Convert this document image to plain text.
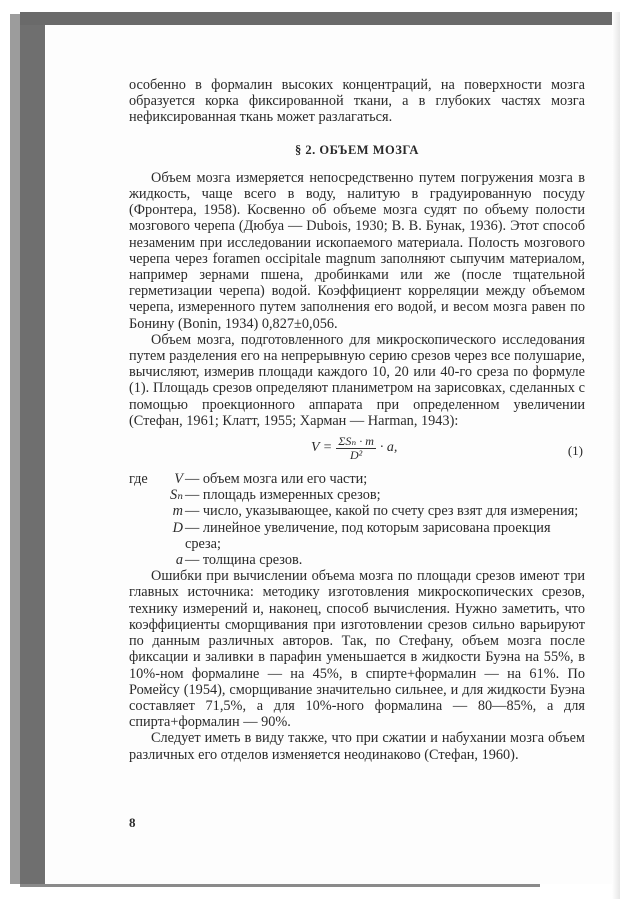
особенно в формалин высоких концентраций, на поверхности мозга образуется корка фиксированной ткани, а в глубоких частях мозга нефиксированная ткань может разлагаться.

§ 2. ОБЪЕМ МОЗГА

Объем мозга измеряется непосредственно путем погружения мозга в жидкость, чаще всего в воду, налитую в градуированную посуду (Фронтера, 1958). Косвенно об объеме мозга судят по объему полости мозгового черепа (Дюбуа — Dubois, 1930; В. В. Бунак, 1936). Этот способ незаменим при исследовании ископаемого материала. Полость мозгового черепа через foramen occipitale magnum заполняют сыпучим материалом, например зернами пшена, дробинками или же (после тщательной герметизации черепа) водой. Коэффициент корреляции между объемом черепа, измеренного путем заполнения его водой, и весом мозга равен по Бонину (Bonin, 1934) 0,827±0,056.

Объем мозга, подготовленного для микроскопического исследования путем разделения его на непрерывную серию срезов через все полушарие, вычисляют, измерив площади каждого 10, 20 или 40-го среза по формуле (1). Площадь срезов определяют планиметром на зарисовках, сделанных с помощью проекционного аппарата при определенном увеличении (Стефан, 1961; Клатт, 1955; Харман — Harman, 1943):

$V = \frac{\text{ΣSₙ · m}}{\text{D²}} \cdot a$,	(1)
где	V — объем мозга или его части;
Sₙ — площадь измеренных срезов;
m — число, указывающее, какой по счету срез взят для измерения;
D — линейное увеличение, под которым зарисована проекция среза;
a — толщина срезов.

Ошибки при вычислении объема мозга по площади срезов имеют три главных источника: методику изготовления микроскопических срезов, технику измерений и, наконец, способ вычисления. Нужно заметить, что коэффициенты сморщивания при изготовлении срезов сильно варьируют по данным различных авторов. Так, по Стефану, объем мозга после фиксации и заливки в парафин уменьшается в жидкости Буэна на 55%, в 10%-ном формалине — на 45%, в спирте+формалин — на 61%. По Ромейсу (1954), сморщивание значительно сильнее, и для жидкости Буэна составляет 71,5%, а для 10%-ного формалина — 80—85%, а для спирта+формалин — 90%.

Следует иметь в виду также, что при сжатии и набухании мозга объем различных его отделов изменяется неодинаково (Стефан, 1960).

8
